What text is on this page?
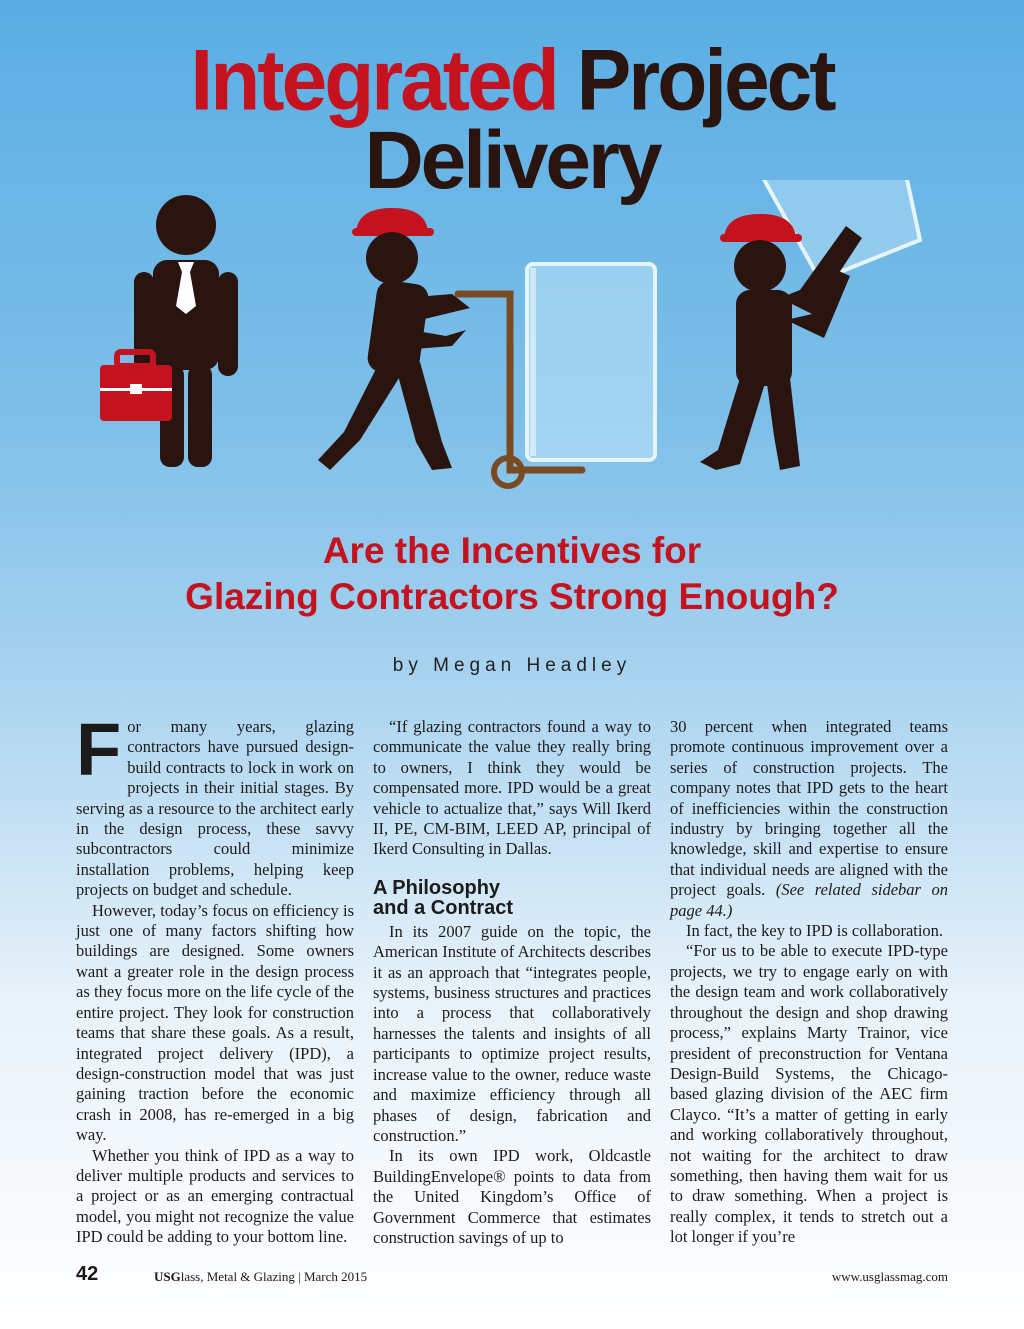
Integrated Project
Delivery
Are the Incentives for
Glazing Contractors Strong Enough?
by Megan Headley

For many years, glazing contractors have pursued design-build contracts to lock in work on projects in their initial stages. By serving as a resource to the architect early in the design process, these savvy subcontractors could minimize installation problems, helping keep projects on budget and schedule.

However, today’s focus on efficiency is just one of many factors shifting how buildings are designed. Some owners want a greater role in the design process as they focus more on the life cycle of the entire project. They look for construction teams that share these goals. As a result, integrated project delivery (IPD), a design-construction model that was just gaining traction before the economic crash in 2008, has re-emerged in a big way.

Whether you think of IPD as a way to deliver multiple products and services to a project or as an emerging contractual model, you might not recognize the value IPD could be adding to your bottom line.

“If glazing contractors found a way to communicate the value they really bring to owners, I think they would be compensated more. IPD would be a great vehicle to actualize that,” says Will Ikerd II, PE, CM-BIM, LEED AP, principal of Ikerd Consulting in Dallas.

A Philosophy
and a Contract

In its 2007 guide on the topic, the American Institute of Architects describes it as an approach that “integrates people, systems, business structures and practices into a process that collaboratively harnesses the talents and insights of all participants to optimize project results, increase value to the owner, reduce waste and maximize efficiency through all phases of design, fabrication and construction.”

In its own IPD work, Oldcastle BuildingEnvelope® points to data from the United Kingdom’s Office of Government Commerce that estimates construction savings of up to

30 percent when integrated teams promote continuous improvement over a series of construction projects. The company notes that IPD gets to the heart of inefficiencies within the construction industry by bringing together all the knowledge, skill and expertise to ensure that individual needs are aligned with the project goals. (See related sidebar on page 44.)

In fact, the key to IPD is collaboration.

“For us to be able to execute IPD-type projects, we try to engage early on with the design team and work collaboratively throughout the design and shop drawing process,” explains Marty Trainor, vice president of preconstruction for Ventana Design-Build Systems, the Chicago-based glazing division of the AEC firm Clayco. “It’s a matter of getting in early and working collaboratively throughout, not waiting for the architect to draw something, then having them wait for us to draw something. When a project is really complex, it tends to stretch out a lot longer if you’re

42	USGlass, Metal & Glazing | March 2015	www.usglassmag.com
